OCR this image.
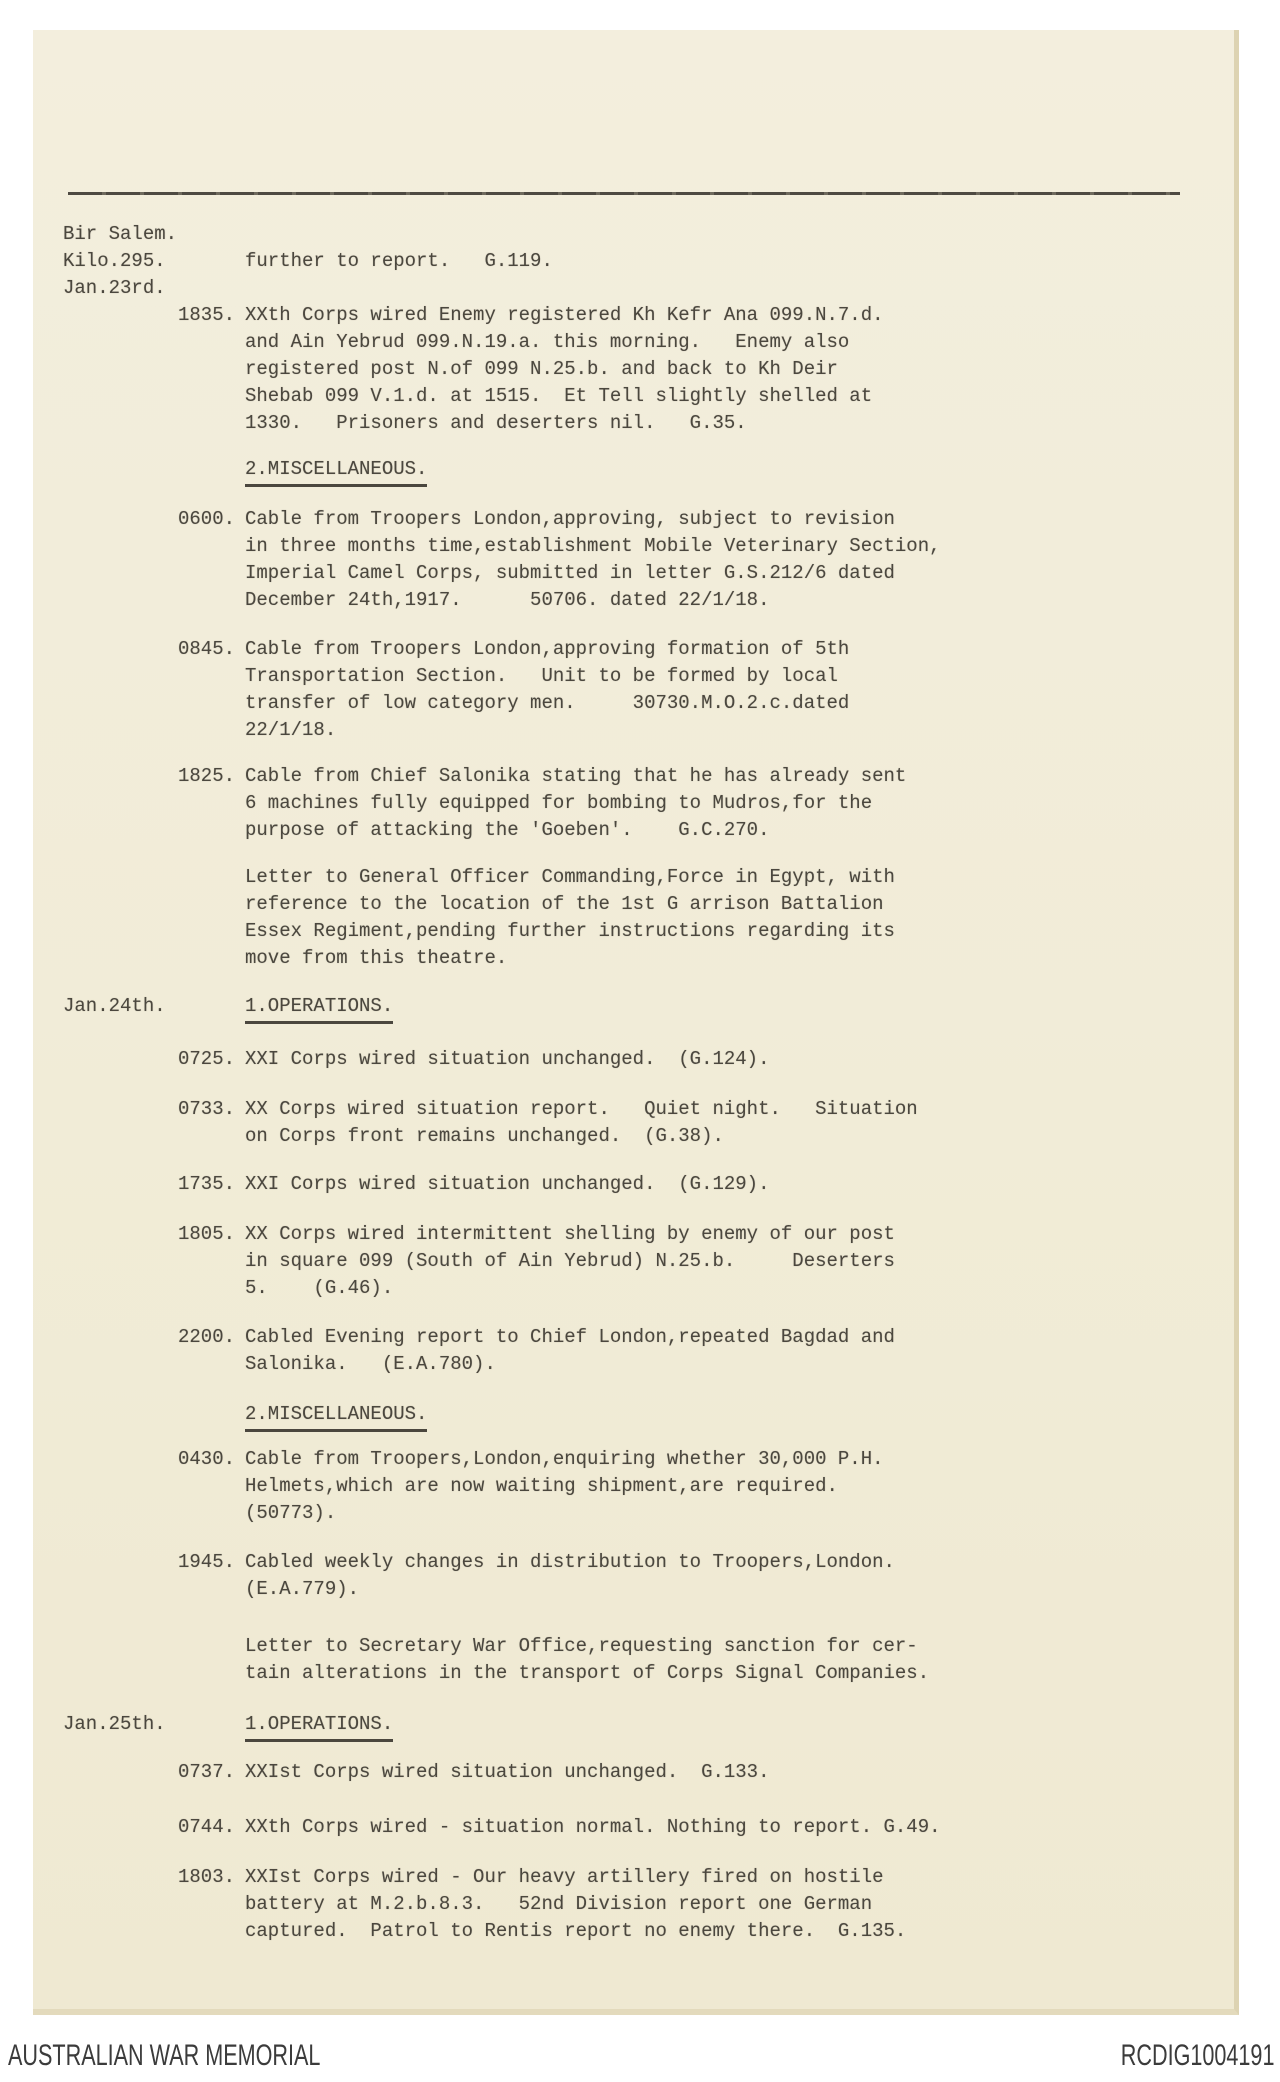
Bir Salem.

Kilo.295.

	further to report.   G.119.

Jan.23rd.

1835. XXth Corps wired Enemy registered Kh Kefr Ana 099.N.7.d.
and Ain Yebrud 099.N.19.a. this morning.   Enemy also
registered post N.of 099 N.25.b. and back to Kh Deir
Shebab 099 V.1.d. at 1515.  Et Tell slightly shelled at
1330.   Prisoners and deserters nil.   G.35.
2.MISCELLANEOUS.
0600. Cable from Troopers London,approving, subject to revision
in three months time,establishment Mobile Veterinary Section,
Imperial Camel Corps, submitted in letter G.S.212/6 dated
December 24th,1917.      50706. dated 22/1/18.
0845. Cable from Troopers London,approving formation of 5th
Transportation Section.   Unit to be formed by local
transfer of low category men.     30730.M.O.2.c.dated
22/1/18.
1825. Cable from Chief Salonika stating that he has already sent
6 machines fully equipped for bombing to Mudros,for the
purpose of attacking the 'Goeben'.    G.C.270.
Letter to General Officer Commanding,Force in Egypt, with
reference to the location of the 1st G arrison Battalion
Essex Regiment,pending further instructions regarding its
move from this theatre.
Jan.24th.	1.OPERATIONS.
0725. XXI Corps wired situation unchanged.  (G.124).
0733. XX Corps wired situation report.   Quiet night.   Situation
on Corps front remains unchanged.  (G.38).
1735. XXI Corps wired situation unchanged.  (G.129).
1805. XX Corps wired intermittent shelling by enemy of our post
in square 099 (South of Ain Yebrud) N.25.b.     Deserters
5.    (G.46).
2200. Cabled Evening report to Chief London,repeated Bagdad and
Salonika.   (E.A.780).
2.MISCELLANEOUS.
0430. Cable from Troopers,London,enquiring whether 30,000 P.H.
Helmets,which are now waiting shipment,are required.
(50773).
1945. Cabled weekly changes in distribution to Troopers,London.
(E.A.779).
Letter to Secretary War Office,requesting sanction for cer-
tain alterations in the transport of Corps Signal Companies.
Jan.25th.	1.OPERATIONS.
0737. XXIst Corps wired situation unchanged.  G.133.
0744. XXth Corps wired - situation normal. Nothing to report. G.49.
1803. XXIst Corps wired - Our heavy artillery fired on hostile
battery at M.2.b.8.3.   52nd Division report one German
captured.  Patrol to Rentis report no enemy there.  G.135.
AUSTRALIAN WAR MEMORIAL	RCDIG1004191
